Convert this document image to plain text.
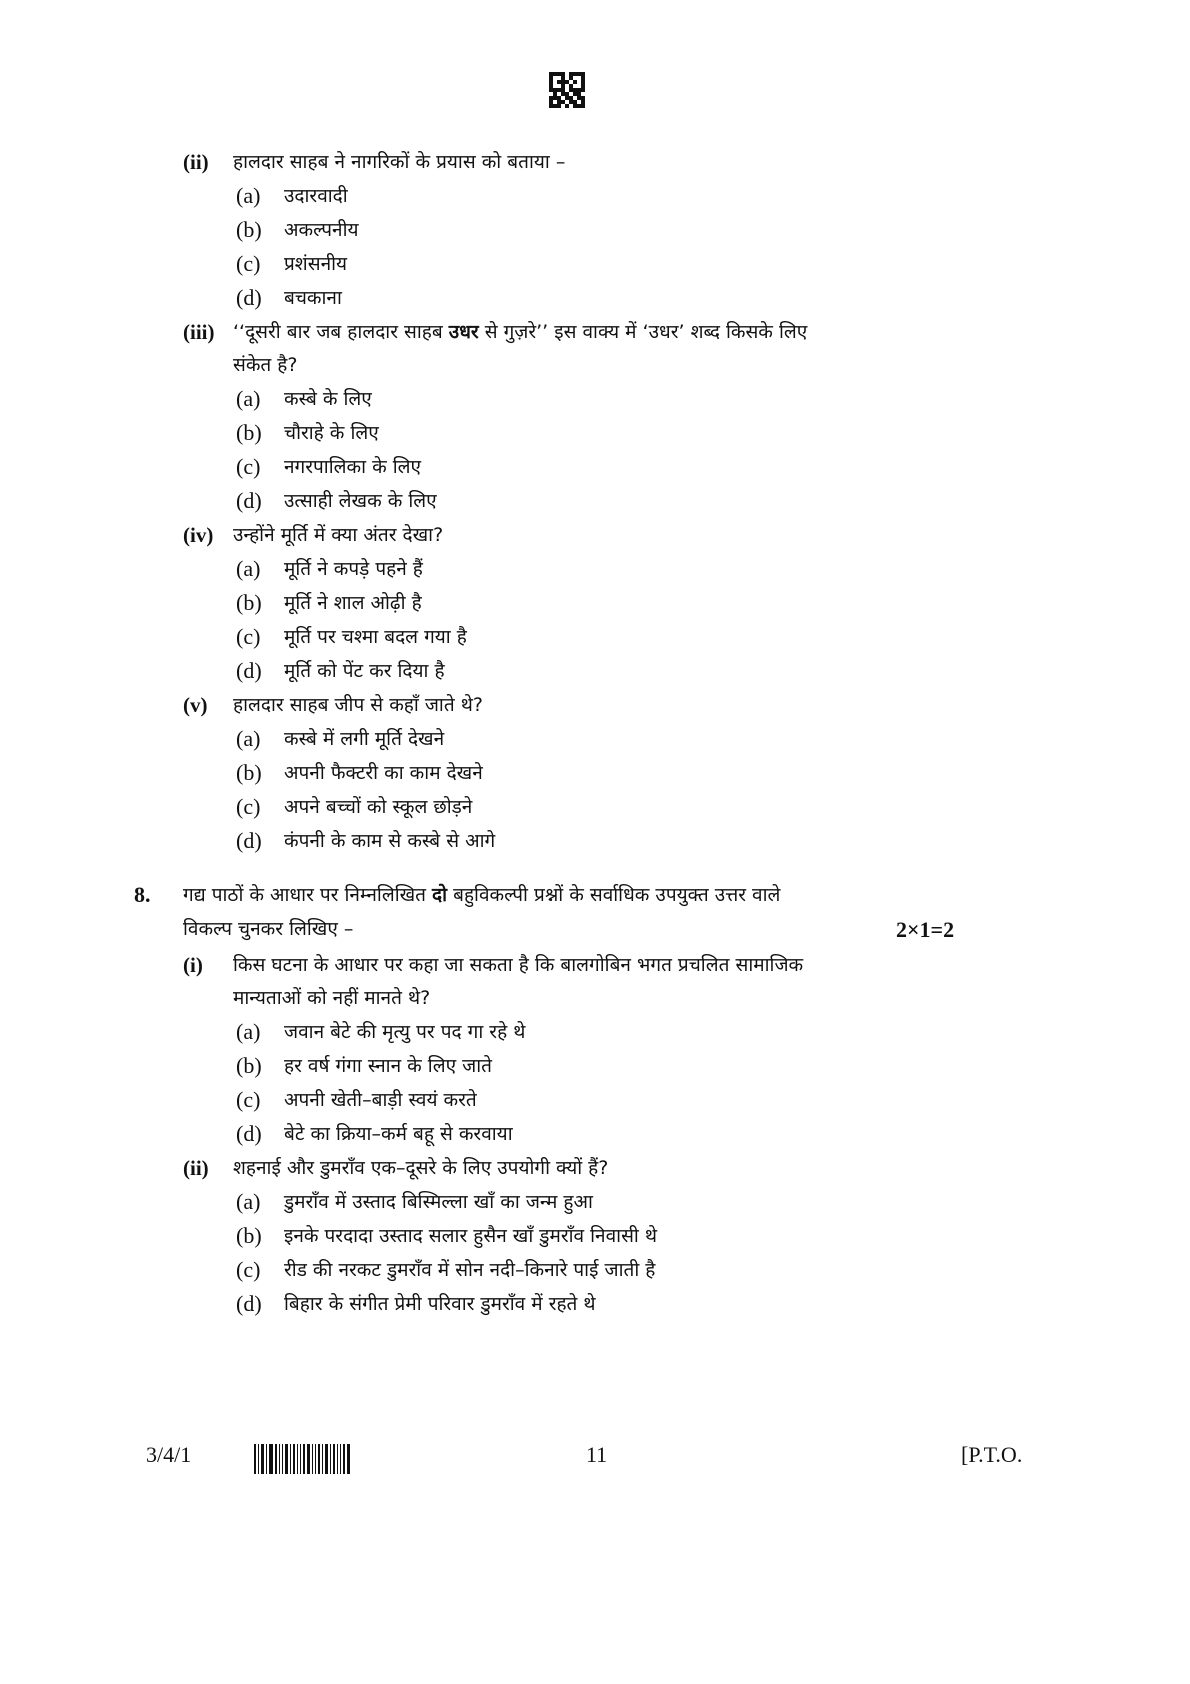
(ii) हालदार साहब ने नागरिकों के प्रयास को बताया –
(a) उदारवादी
(b) अकल्पनीय
(c) प्रशंसनीय
(d) बचकाना
(iii) ‘‘दूसरी बार जब हालदार साहब उधर से गुज़रे’’ इस वाक्य में ‘उधर’ शब्द किसके लिए
संकेत है?
(a) कस्बे के लिए
(b) चौराहे के लिए
(c) नगरपालिका के लिए
(d) उत्साही लेखक के लिए
(iv) उन्होंने मूर्ति में क्या अंतर देखा?
(a) मूर्ति ने कपड़े पहने हैं
(b) मूर्ति ने शाल ओढ़ी है
(c) मूर्ति पर चश्मा बदल गया है
(d) मूर्ति को पेंट कर दिया है
(v) हालदार साहब जीप से कहाँ जाते थे?
(a) कस्बे में लगी मूर्ति देखने
(b) अपनी फैक्टरी का काम देखने
(c) अपने बच्चों को स्कूल छोड़ने
(d) कंपनी के काम से कस्बे से आगे
8. गद्य पाठों के आधार पर निम्नलिखित दो बहुविकल्पी प्रश्नों के सर्वाधिक उपयुक्त उत्तर वाले
विकल्प चुनकर लिखिए –	2×1=2
(i) किस घटना के आधार पर कहा जा सकता है कि बालगोबिन भगत प्रचलित सामाजिक
मान्यताओं को नहीं मानते थे?
(a) जवान बेटे की मृत्यु पर पद गा रहे थे
(b) हर वर्ष गंगा स्नान के लिए जाते
(c) अपनी खेती–बाड़ी स्वयं करते
(d) बेटे का क्रिया–कर्म बहू से करवाया
(ii) शहनाई और डुमराँव एक–दूसरे के लिए उपयोगी क्यों हैं?
(a) डुमराँव में उस्ताद बिस्मिल्ला खाँ का जन्म हुआ
(b) इनके परदादा उस्ताद सलार हुसैन खाँ डुमराँव निवासी थे
(c) रीड की नरकट डुमराँव में सोन नदी–किनारे पाई जाती है
(d) बिहार के संगीत प्रेमी परिवार डुमराँव में रहते थे
3/4/1	11	[P.T.O.
